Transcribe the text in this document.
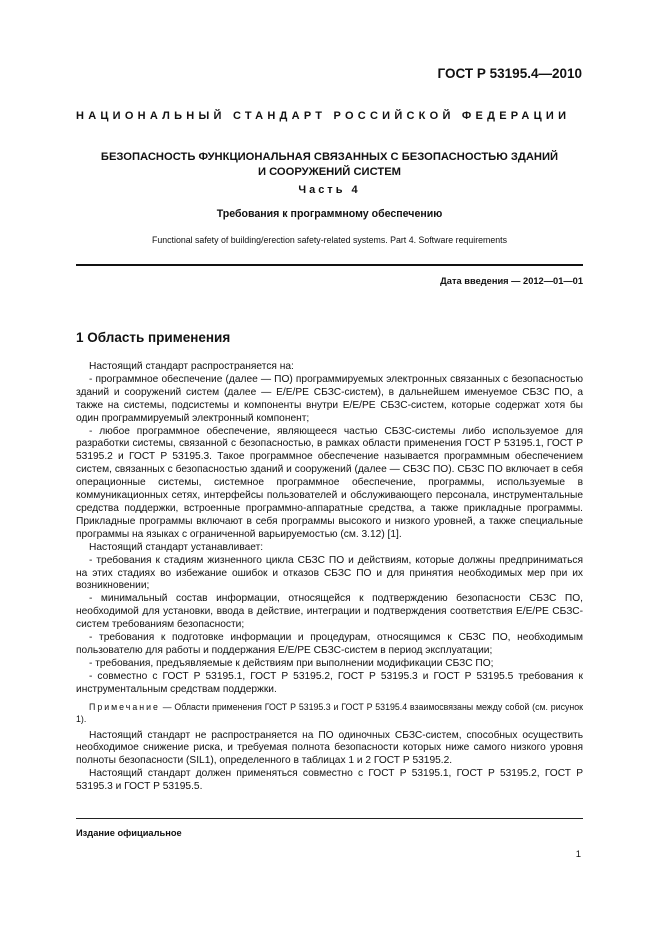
ГОСТ Р 53195.4—2010
НАЦИОНАЛЬНЫЙ СТАНДАРТ РОССИЙСКОЙ ФЕДЕРАЦИИ
БЕЗОПАСНОСТЬ ФУНКЦИОНАЛЬНАЯ СВЯЗАННЫХ С БЕЗОПАСНОСТЬЮ ЗДАНИЙ
И СООРУЖЕНИЙ СИСТЕМ
Часть 4
Требования к программному обеспечению
Functional safety of building/erection safety-related systems. Part 4. Software requirements
Дата введения — 2012—01—01
1 Область применения

Настоящий стандарт распространяется на:

- программное обеспечение (далее — ПО) программируемых электронных связанных с безопасностью зданий и сооружений систем (далее — Е/Е/РЕ СБЗС-систем), в дальнейшем именуемое СБЗС ПО, а также на системы, подсистемы и компоненты внутри Е/Е/РЕ СБЗС-систем, которые содержат хотя бы один программируемый электронный компонент;

- любое программное обеспечение, являющееся частью СБЗС-системы либо используемое для разработки системы, связанной с безопасностью, в рамках области применения ГОСТ Р 53195.1, ГОСТ Р 53195.2 и ГОСТ Р 53195.3. Такое программное обеспечение называется программным обеспечением систем, связанных с безопасностью зданий и сооружений (далее — СБЗС ПО). СБЗС ПО включает в себя операционные системы, системное программное обеспечение, программы, используемые в коммуникационных сетях, интерфейсы пользователей и обслуживающего персонала, инструментальные средства поддержки, встроенные программно-аппаратные средства, а также прикладные программы. Прикладные программы включают в себя программы высокого и низкого уровней, а также специальные программы на языках с ограниченной варьируемостью (см. 3.12) [1].

Настоящий стандарт устанавливает:

- требования к стадиям жизненного цикла СБЗС ПО и действиям, которые должны предприниматься на этих стадиях во избежание ошибок и отказов СБЗС ПО и для принятия необходимых мер при их возникновении;

- минимальный состав информации, относящейся к подтверждению безопасности СБЗС ПО, необходимой для установки, ввода в действие, интеграции и подтверждения соответствия Е/Е/РЕ СБЗС-систем требованиям безопасности;

- требования к подготовке информации и процедурам, относящимся к СБЗС ПО, необходимым пользователю для работы и поддержания Е/Е/РЕ СБЗС-систем в период эксплуатации;

- требования, предъявляемые к действиям при выполнении модификации СБЗС ПО;

- совместно с ГОСТ Р 53195.1, ГОСТ Р 53195.2, ГОСТ Р 53195.3 и ГОСТ Р 53195.5 требования к инструментальным средствам поддержки.

Примечание — Области применения ГОСТ Р 53195.3 и ГОСТ Р 53195.4 взаимосвязаны между собой (см. рисунок 1).

Настоящий стандарт не распространяется на ПО одиночных СБЗС-систем, способных осуществить необходимое снижение риска, и требуемая полнота безопасности которых ниже самого низкого уровня полноты безопасности (SIL1), определенного в таблицах 1 и 2 ГОСТ Р 53195.2.

Настоящий стандарт должен применяться совместно с ГОСТ Р 53195.1, ГОСТ Р 53195.2, ГОСТ Р 53195.3 и ГОСТ Р 53195.5.

Издание официальное
1
